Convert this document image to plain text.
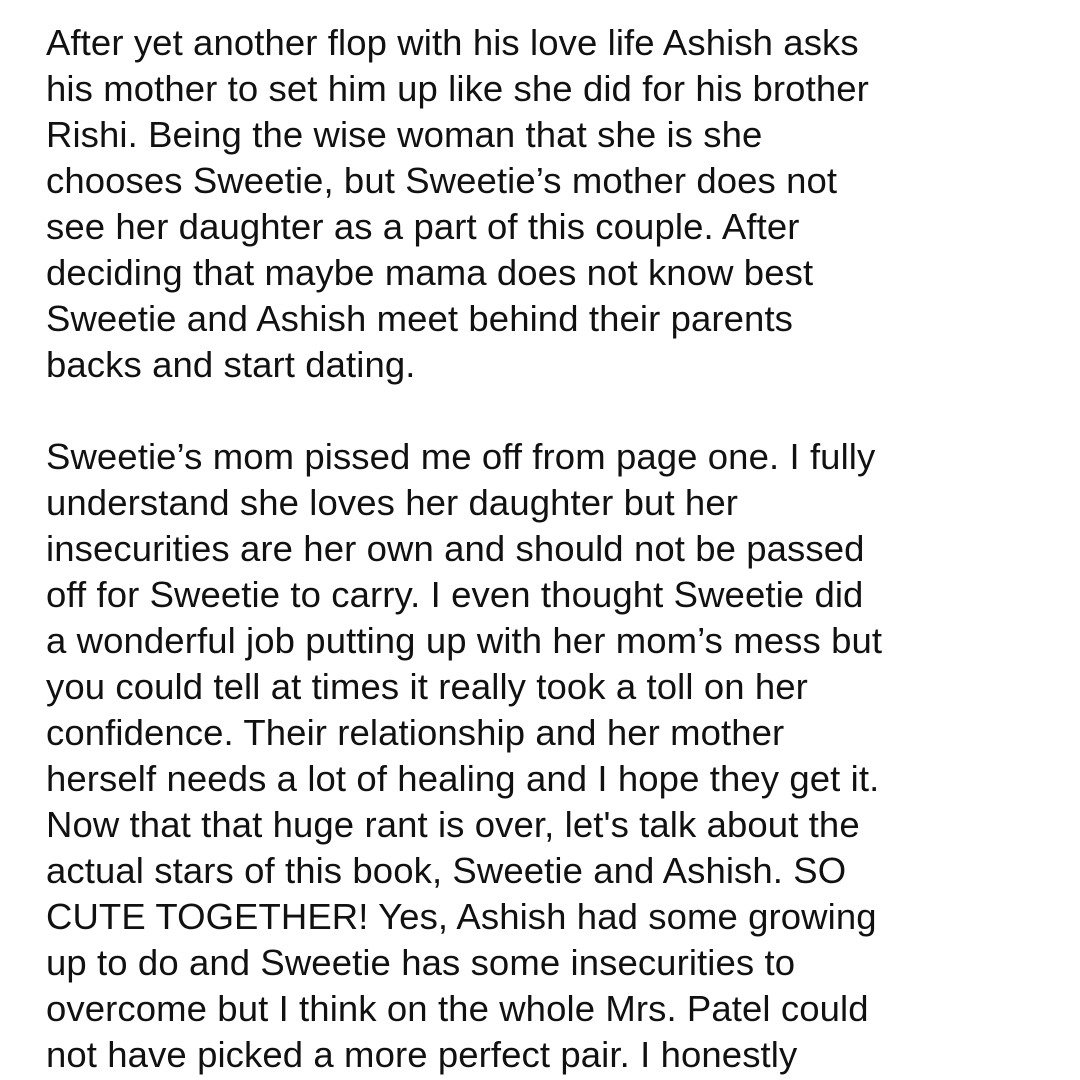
After yet another flop with his love life Ashish asks
his mother to set him up like she did for his brother
Rishi. Being the wise woman that she is she
chooses Sweetie, but Sweetie’s mother does not
see her daughter as a part of this couple. After
deciding that maybe mama does not know best
Sweetie and Ashish meet behind their parents
backs and start dating.
Sweetie’s mom pissed me off from page one. I fully
understand she loves her daughter but her
insecurities are her own and should not be passed
off for Sweetie to carry. I even thought Sweetie did
a wonderful job putting up with her mom’s mess but
you could tell at times it really took a toll on her
confidence. Their relationship and her mother
herself needs a lot of healing and I hope they get it.
Now that that huge rant is over, let's talk about the
actual stars of this book, Sweetie and Ashish. SO
CUTE TOGETHER! Yes, Ashish had some growing
up to do and Sweetie has some insecurities to
overcome but I think on the whole Mrs. Patel could
not have picked a more perfect pair. I honestly
